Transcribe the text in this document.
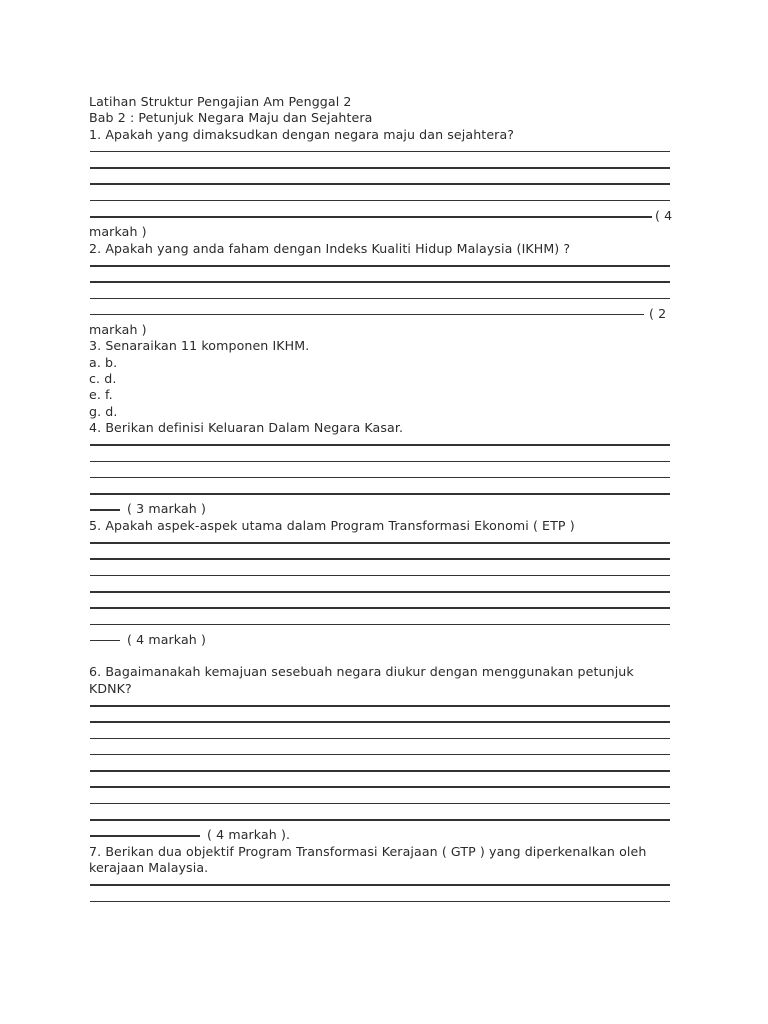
Latihan Struktur Pengajian Am Penggal 2
Bab 2 : Petunjuk Negara Maju dan Sejahtera
1. Apakah yang dimaksudkan dengan negara maju dan sejahtera?

( 4

markah )
2. Apakah yang anda faham dengan Indeks Kualiti Hidup Malaysia (IKHM) ?

( 2

markah )
3. Senaraikan 11 komponen IKHM.
a. b.
c. d.
e. f.
g. d.
4. Berikan definisi Keluaran Dalam Negara Kasar.

( 3 markah )

5. Apakah aspek-aspek utama dalam Program Transformasi Ekonomi ( ETP )

( 4 markah )

6. Bagaimanakah kemajuan sesebuah negara diukur dengan menggunakan petunjuk
KDNK?

( 4 markah ).

7. Berikan dua objektif Program Transformasi Kerajaan ( GTP ) yang diperkenalkan oleh
kerajaan Malaysia.
